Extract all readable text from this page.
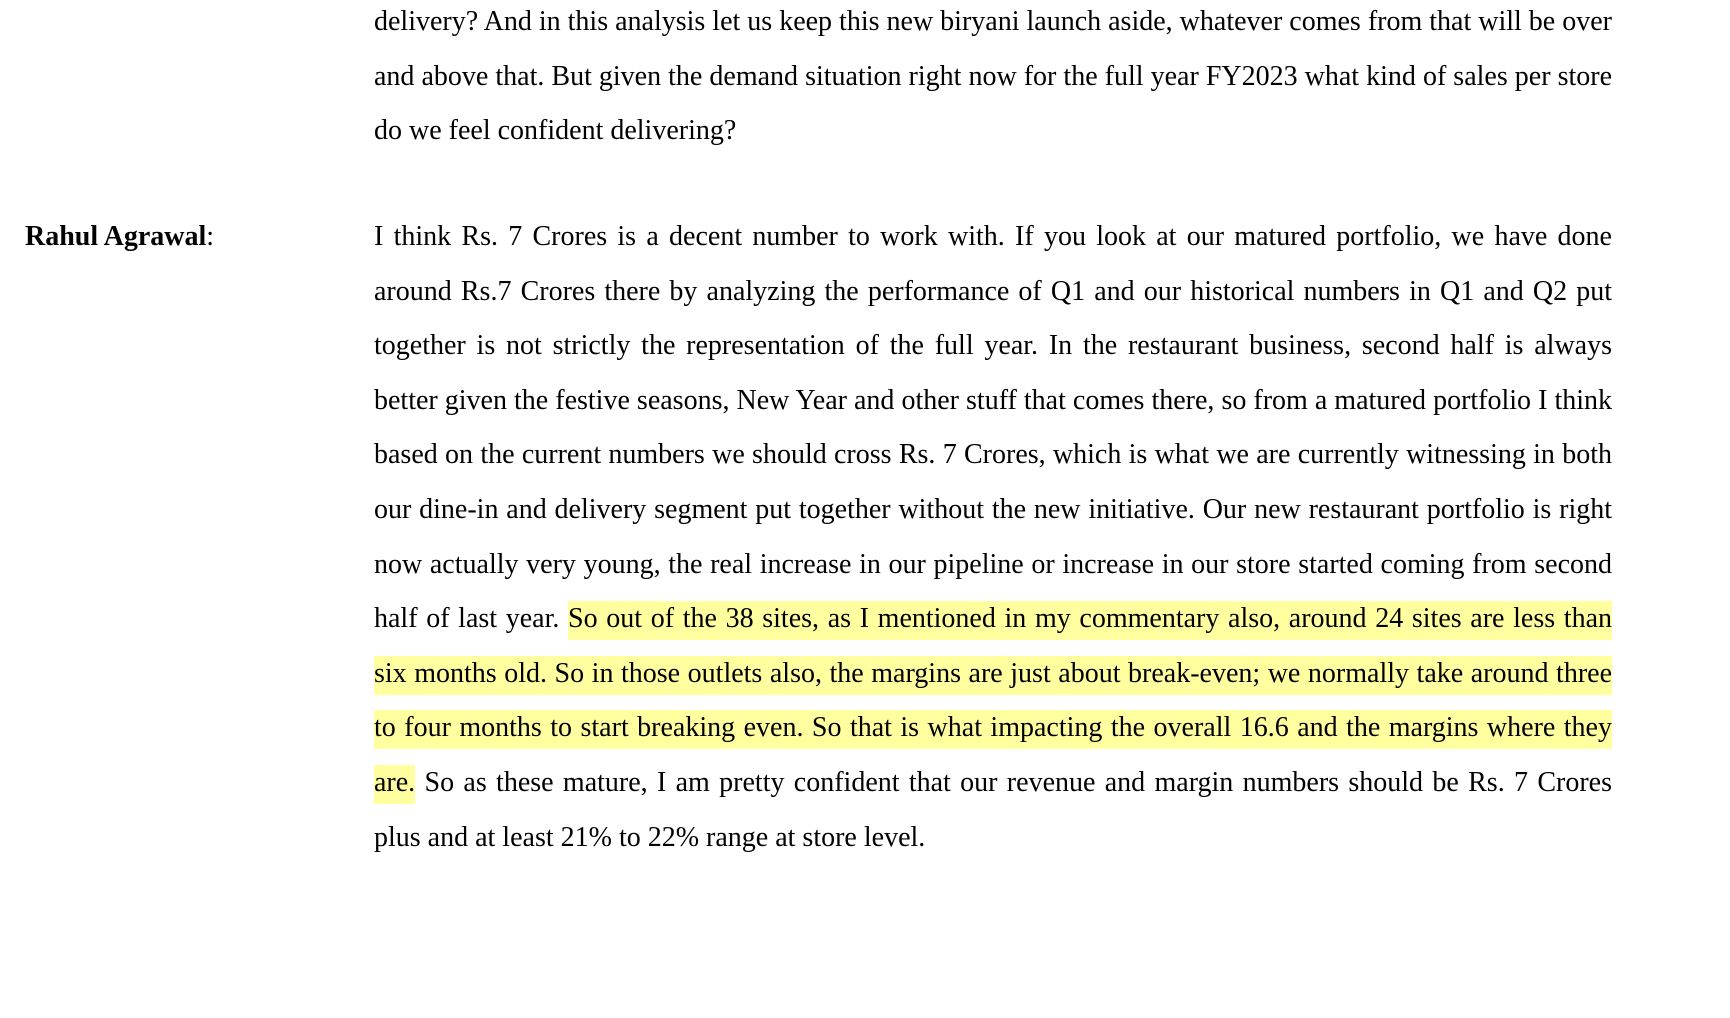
delivery? And in this analysis let us keep this new biryani launch aside, whatever comes from that will be over and above that. But given the demand situation right now for the full year FY2023 what kind of sales per store do we feel confident delivering?

Rahul Agrawal:	I think Rs. 7 Crores is a decent number to work with. If you look at our matured portfolio, we have done around Rs.7 Crores there by analyzing the performance of Q1 and our historical numbers in Q1 and Q2 put together is not strictly the representation of the full year. In the restaurant business, second half is always better given the festive seasons, New Year and other stuff that comes there, so from a matured portfolio I think based on the current numbers we should cross Rs. 7 Crores, which is what we are currently witnessing in both our dine-in and delivery segment put together without the new initiative. Our new restaurant portfolio is right now actually very young, the real increase in our pipeline or increase in our store started coming from second half of last year. So out of the 38 sites, as I mentioned in my commentary also, around 24 sites are less than six months old. So in those outlets also, the margins are just about break-even; we normally take around three to four months to start breaking even. So that is what impacting the overall 16.6 and the margins where they are. So as these mature, I am pretty confident that our revenue and margin numbers should be Rs. 7 Crores plus and at least 21% to 22% range at store level.
